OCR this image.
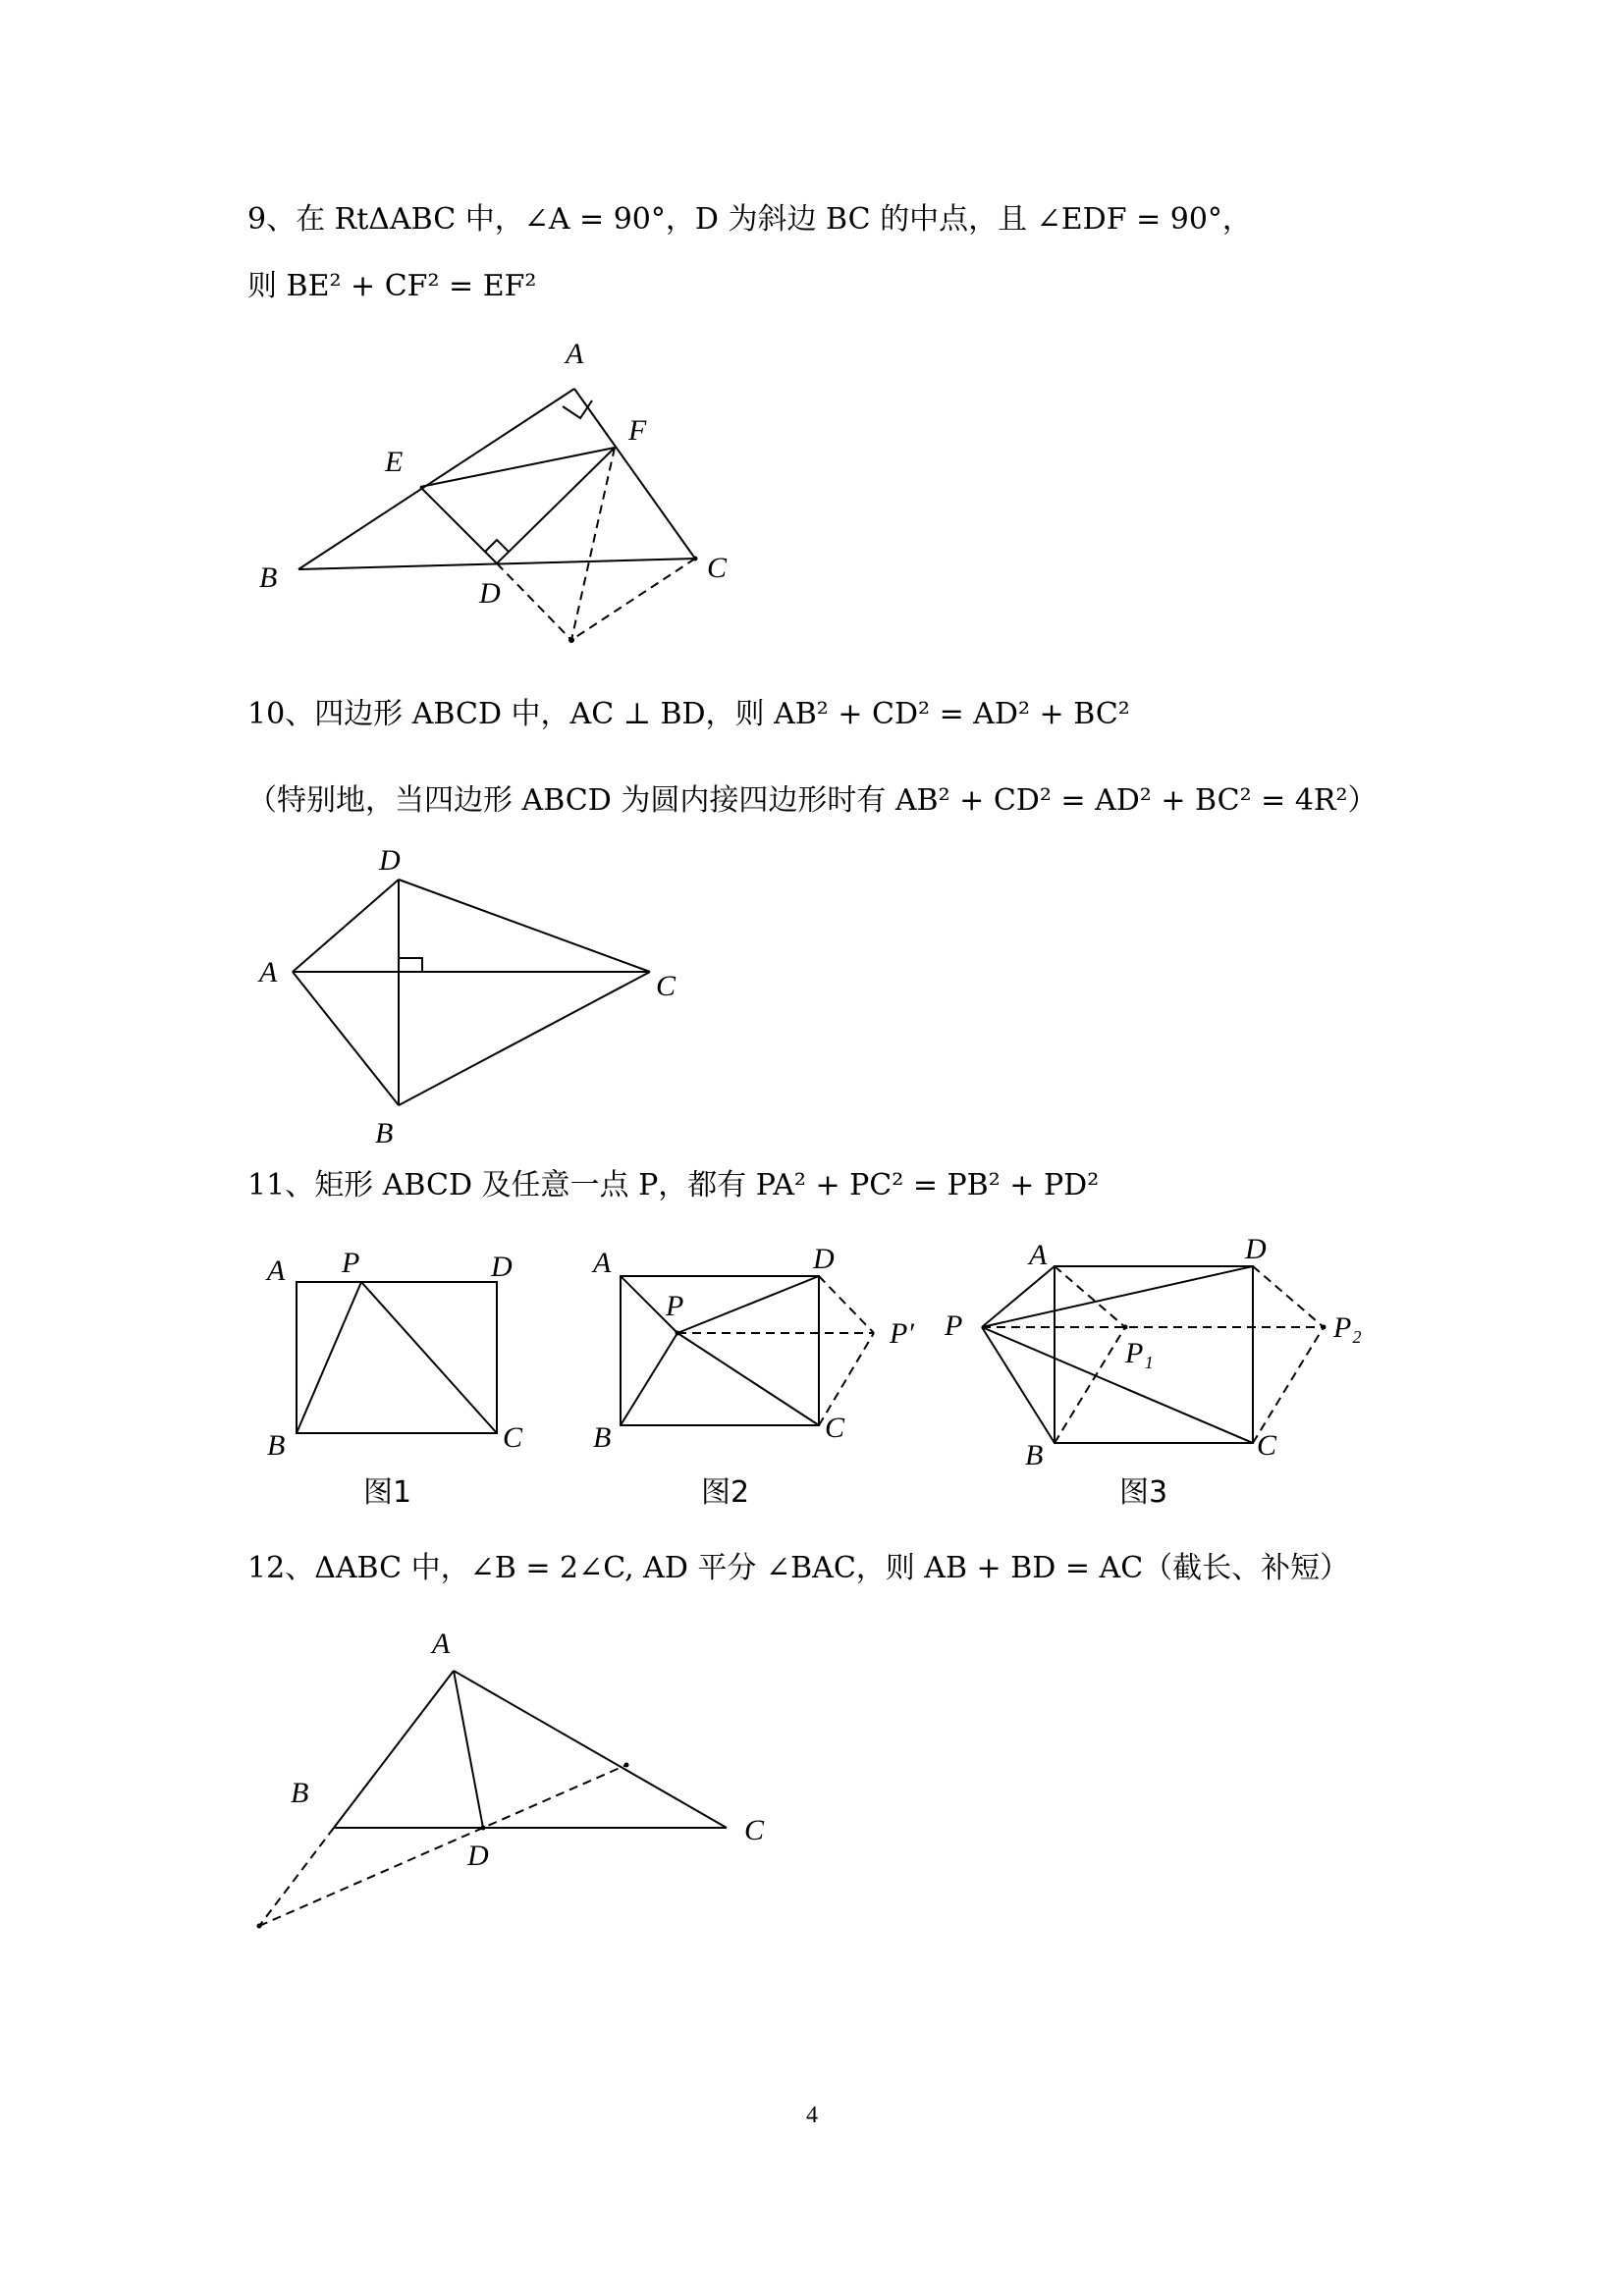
9、在 RtΔABC 中，∠A = 90°，D 为斜边 BC 的中点，且 ∠EDF = 90°，
则 BE² + CF² = EF²
A
E
F
B	D
C
10、四边形 ABCD 中，AC ⊥ BD，则 AB² + CD² = AD² + BC²
（特别地，当四边形 ABCD 为圆内接四边形时有 AB² + CD² = AD² + BC² = 4R²）
D
A	C
B
11、矩形 ABCD 及任意一点 P，都有 PA² + PC² = PB² + PD²
A P	D
B	C
图1
A	D
P
P′
B	C
图2
A	D
P
P₁
P₂
B	C
图3
12、ΔABC 中，∠B = 2∠C, AD 平分 ∠BAC，则 AB + BD = AC（截长、补短）
A
B
D
C
4
